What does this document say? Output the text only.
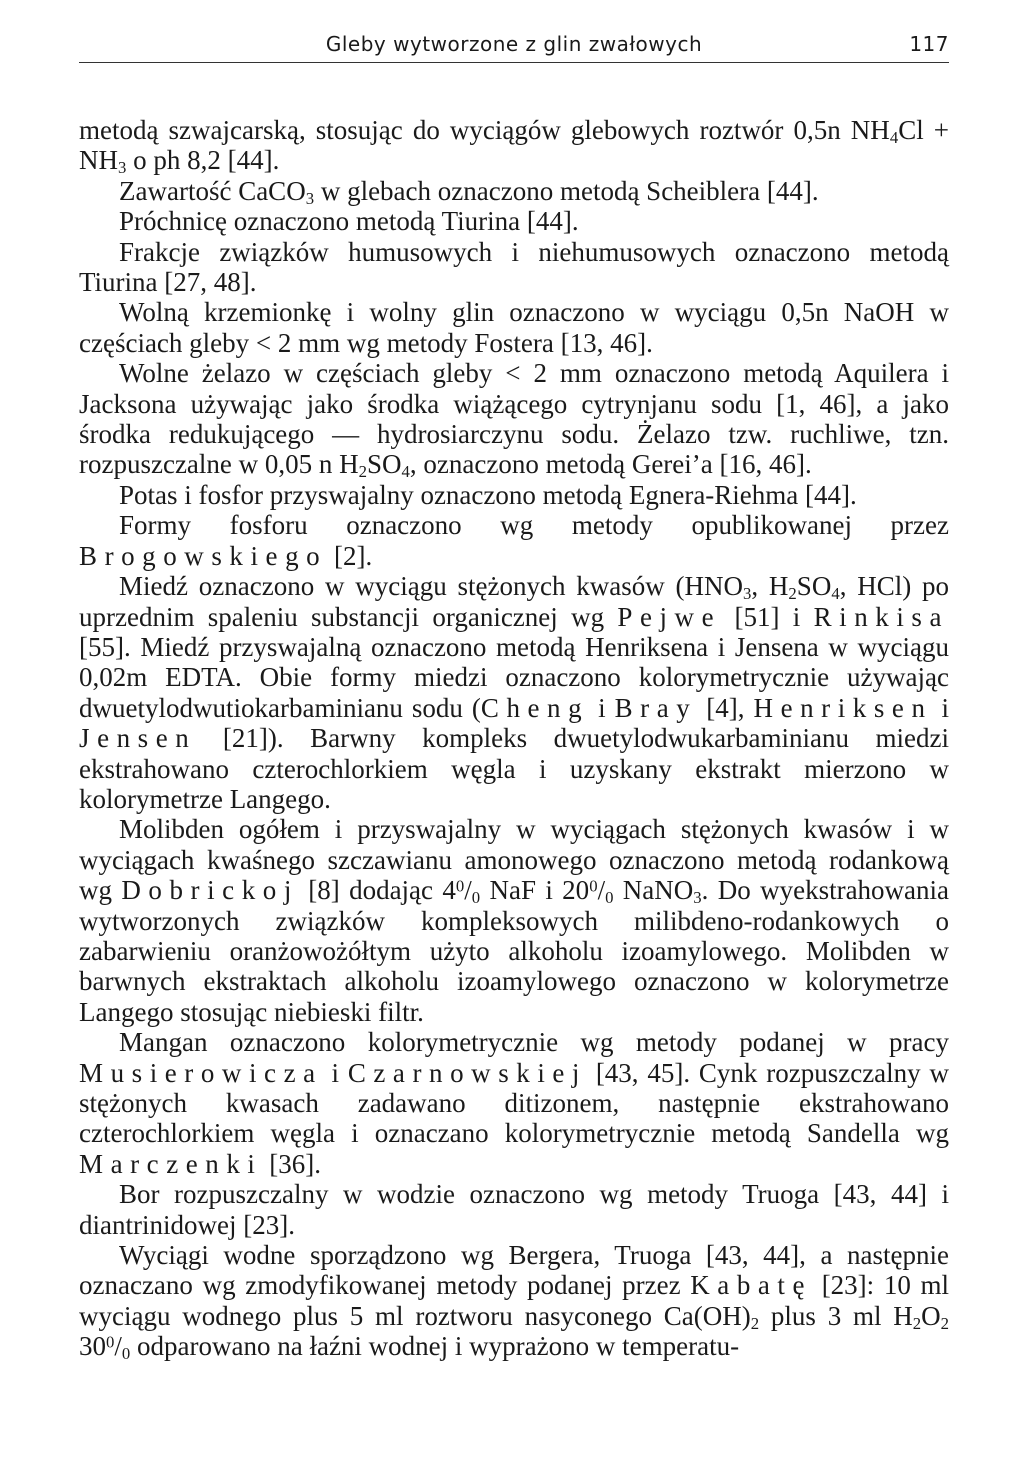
Gleby wytworzone z glin zwałowych	117

metodą szwajcarską, stosując do wyciągów glebowych roztwór 0,5n $NH_4Cl + NH_3$ o ph 8,2 [44].

Zawartość CaCO$_3$ w glebach oznaczono metodą Scheiblera [44].

Próchnicę oznaczono metodą Tiurina [44].

Frakcje związków humusowych i niehumusowych oznaczono metodą Tiurina [27, 48].

Wolną krzemionkę i wolny glin oznaczono w wyciągu 0,5n NaOH w częściach gleby < 2 mm wg metody Fostera [13, 46].

Wolne żelazo w częściach gleby < 2 mm oznaczono metodą Aquilera i Jacksona używając jako środka wiążącego cytrynjanu sodu [1, 46], a jako środka redukującego — hydrosiarczynu sodu. Żelazo tzw. ruchliwe, tzn. rozpuszczalne w 0,05 n $H_2SO_4$, oznaczono metodą Gerei’a [16, 46].

Potas i fosfor przyswajalny oznaczono metodą Egnera-Riehma [44].

Formy fosforu oznaczono wg metody opublikowanej przez Brogowskiego [2].

Miedź oznaczono w wyciągu stężonych kwasów ($HNO_3$, $H_2SO_4$, HCl) po uprzednim spaleniu substancji organicznej wg Pejwe [51] i Rinkisa [55]. Miedź przyswajalną oznaczono metodą Henriksena i Jensena w wyciągu 0,02m EDTA. Obie formy miedzi oznaczono kolorymetrycznie używając dwuetylodwutiokarbaminianu sodu (Cheng i Bray [4], Henriksen i Jensen [21]). Barwny kompleks dwuetylodwukarbaminianu miedzi ekstrahowano czterochlorkiem węgla i uzyskany ekstrakt mierzono w kolorymetrze Langego.

Molibden ogółem i przyswajalny w wyciągach stężonych kwasów i w wyciągach kwaśnego szczawianu amonowego oznaczono metodą rodankową wg Dobrickoj [8] dodając $4^0/_0$ NaF i $20^0/_0$ NaNO$_3$. Do wyekstrahowania wytworzonych związków kompleksowych milibdeno-rodankowych o zabarwieniu oranżowożółtym użyto alkoholu izoamylowego. Molibden w barwnych ekstraktach alkoholu izoamylowego oznaczono w kolorymetrze Langego stosując niebieski filtr.

Mangan oznaczono kolorymetrycznie wg metody podanej w pracy Musierowicza i Czarnowskiej [43, 45]. Cynk rozpuszczalny w stężonych kwasach zadawano ditizonem, następnie ekstrahowano czterochlorkiem węgla i oznaczano kolorymetrycznie metodą Sandella wg Marczenki [36].

Bor rozpuszczalny w wodzie oznaczono wg metody Truoga [43, 44] i diantrinidowej [23].

Wyciągi wodne sporządzono wg Bergera, Truoga [43, 44], a następnie oznaczano wg zmodyfikowanej metody podanej przez Kabatę [23]: 10 ml wyciągu wodnego plus 5 ml roztworu nasyconego $Ca(OH)_2$ plus 3 ml $H_2O_2$ $30^0/_0$ odparowano na łaźni wodnej i wyprażono w temperatu-
